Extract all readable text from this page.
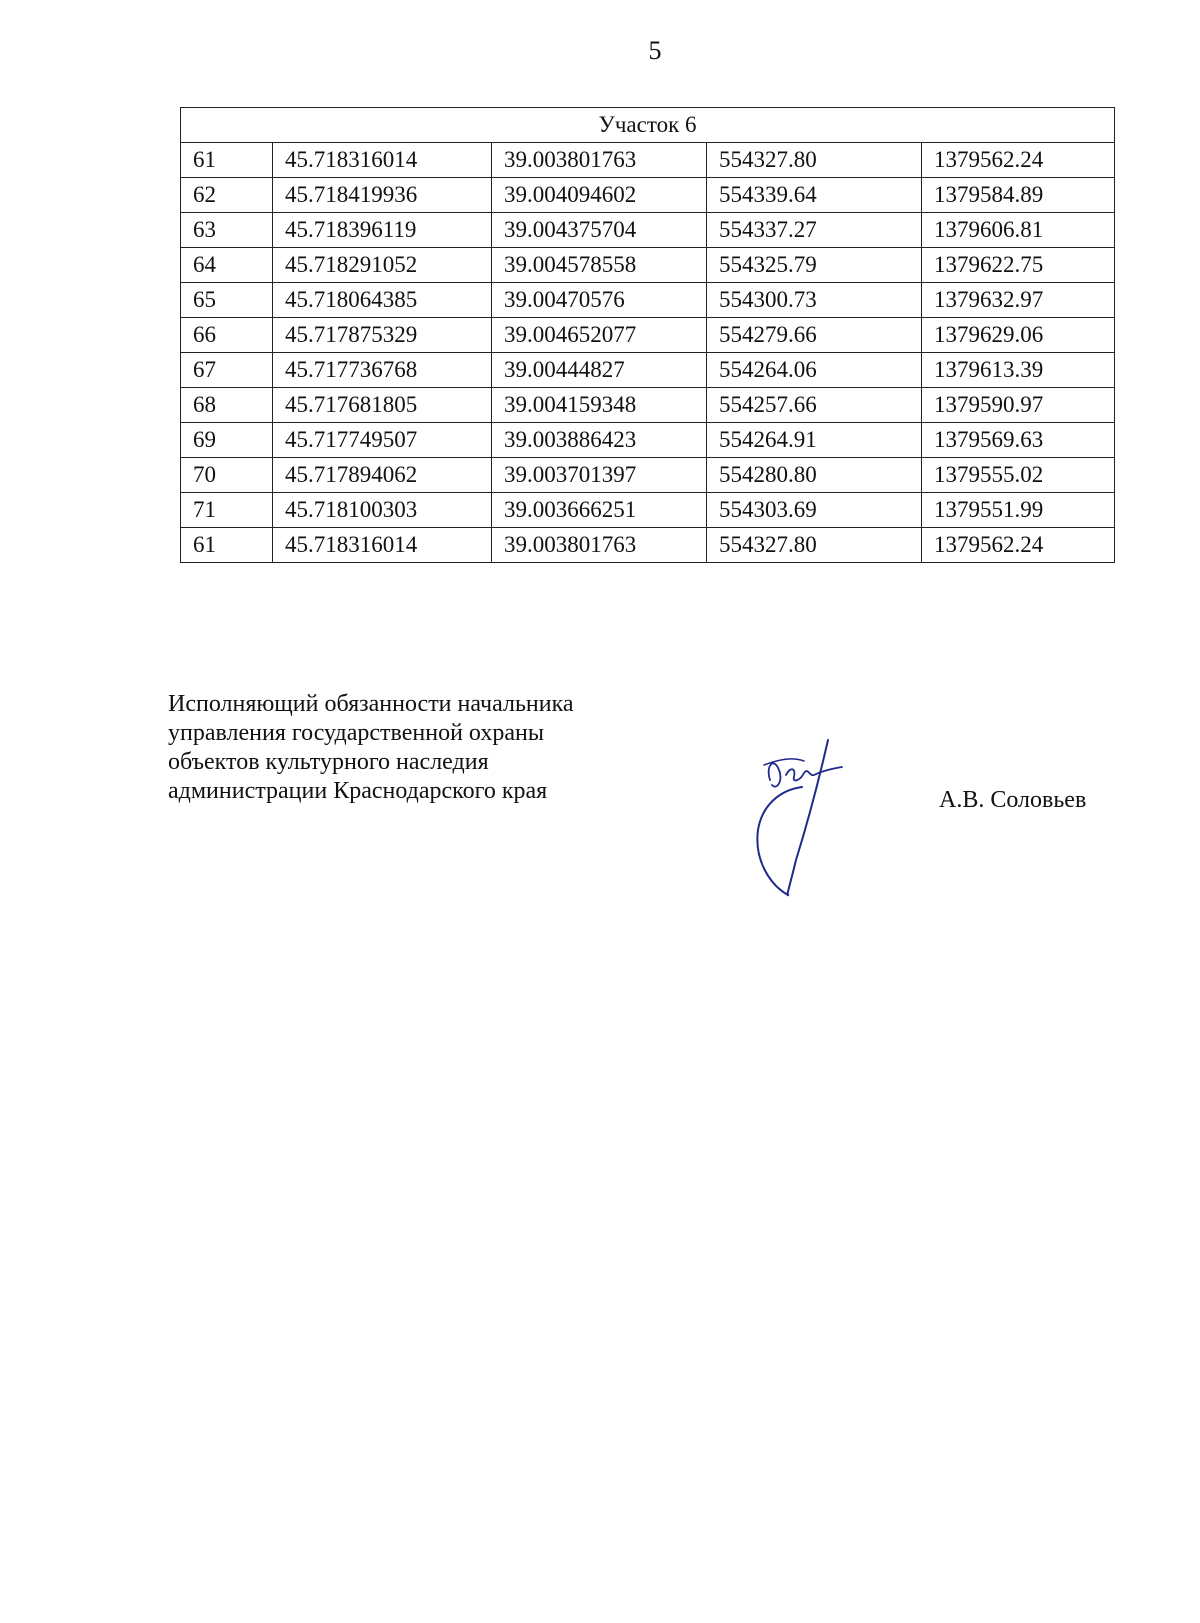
5
Участок 6				
61	45.718316014	39.003801763	554327.80	1379562.24
62	45.718419936	39.004094602	554339.64	1379584.89
63	45.718396119	39.004375704	554337.27	1379606.81
64	45.718291052	39.004578558	554325.79	1379622.75
65	45.718064385	39.00470576	554300.73	1379632.97
66	45.717875329	39.004652077	554279.66	1379629.06
67	45.717736768	39.00444827	554264.06	1379613.39
68	45.717681805	39.004159348	554257.66	1379590.97
69	45.717749507	39.003886423	554264.91	1379569.63
70	45.717894062	39.003701397	554280.80	1379555.02
71	45.718100303	39.003666251	554303.69	1379551.99
61	45.718316014	39.003801763	554327.80	1379562.24
Исполняющий обязанности начальника
управления государственной охраны
объектов культурного наследия
администрации Краснодарского края	А.В. Соловьев
